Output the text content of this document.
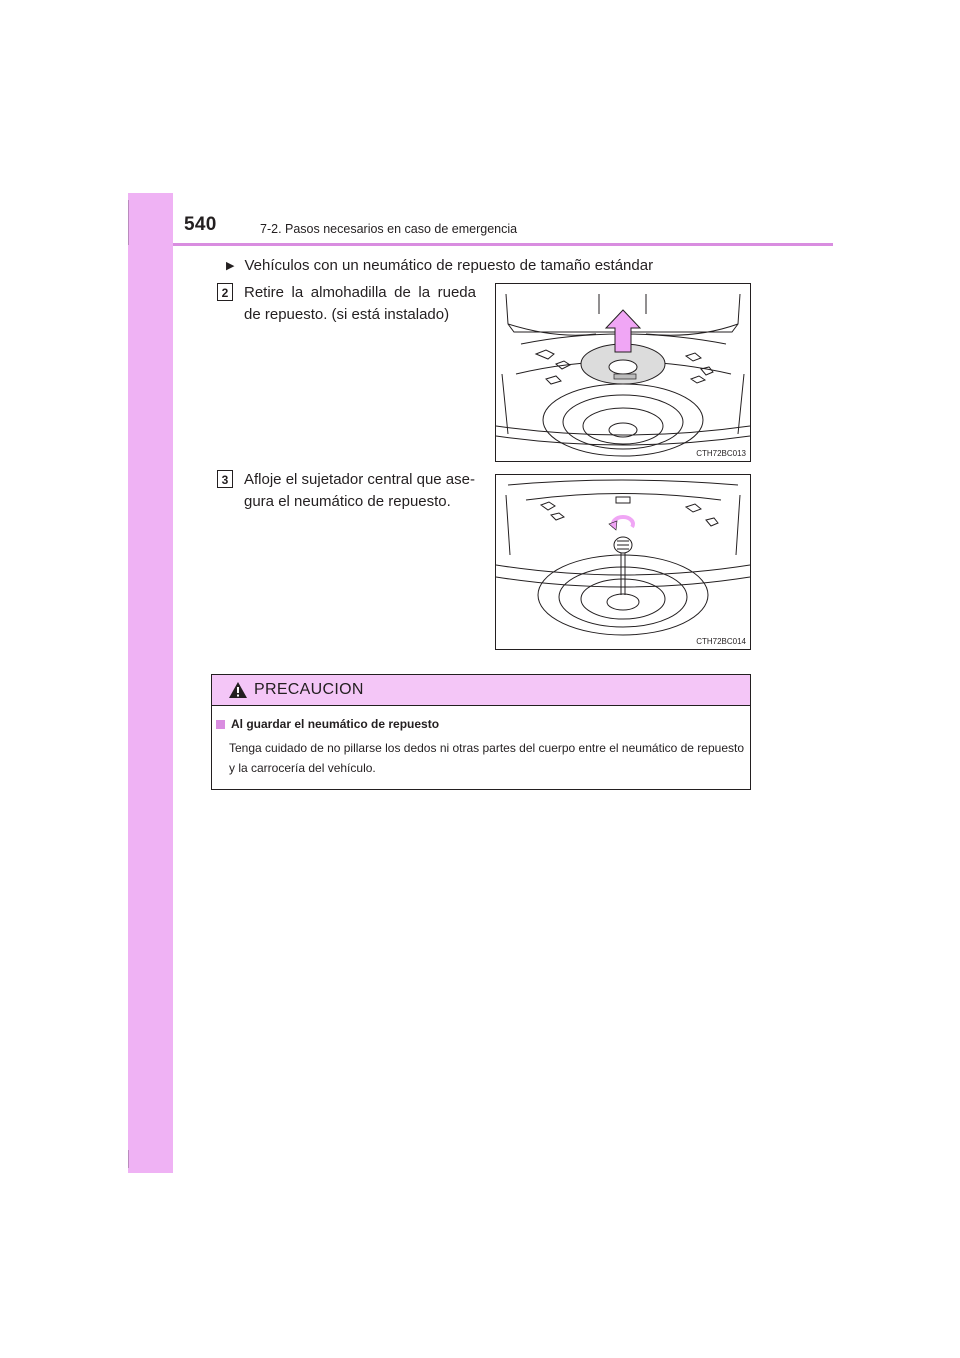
540	7-2. Pasos necesarios en caso de emergencia
▶ Vehículos con un neumático de repuesto de tamaño estándar
2	Retire la almohadilla de la rueda de repuesto. (si está instalado)
CTH72BC013
3	Afloje el sujetador central que ase-
gura el neumático de repuesto.
CTH72BC014
PRECAUCION
Al guardar el neumático de repuesto
Tenga cuidado de no pillarse los dedos ni otras partes del cuerpo entre el neumático de repuesto y la carrocería del vehículo.
